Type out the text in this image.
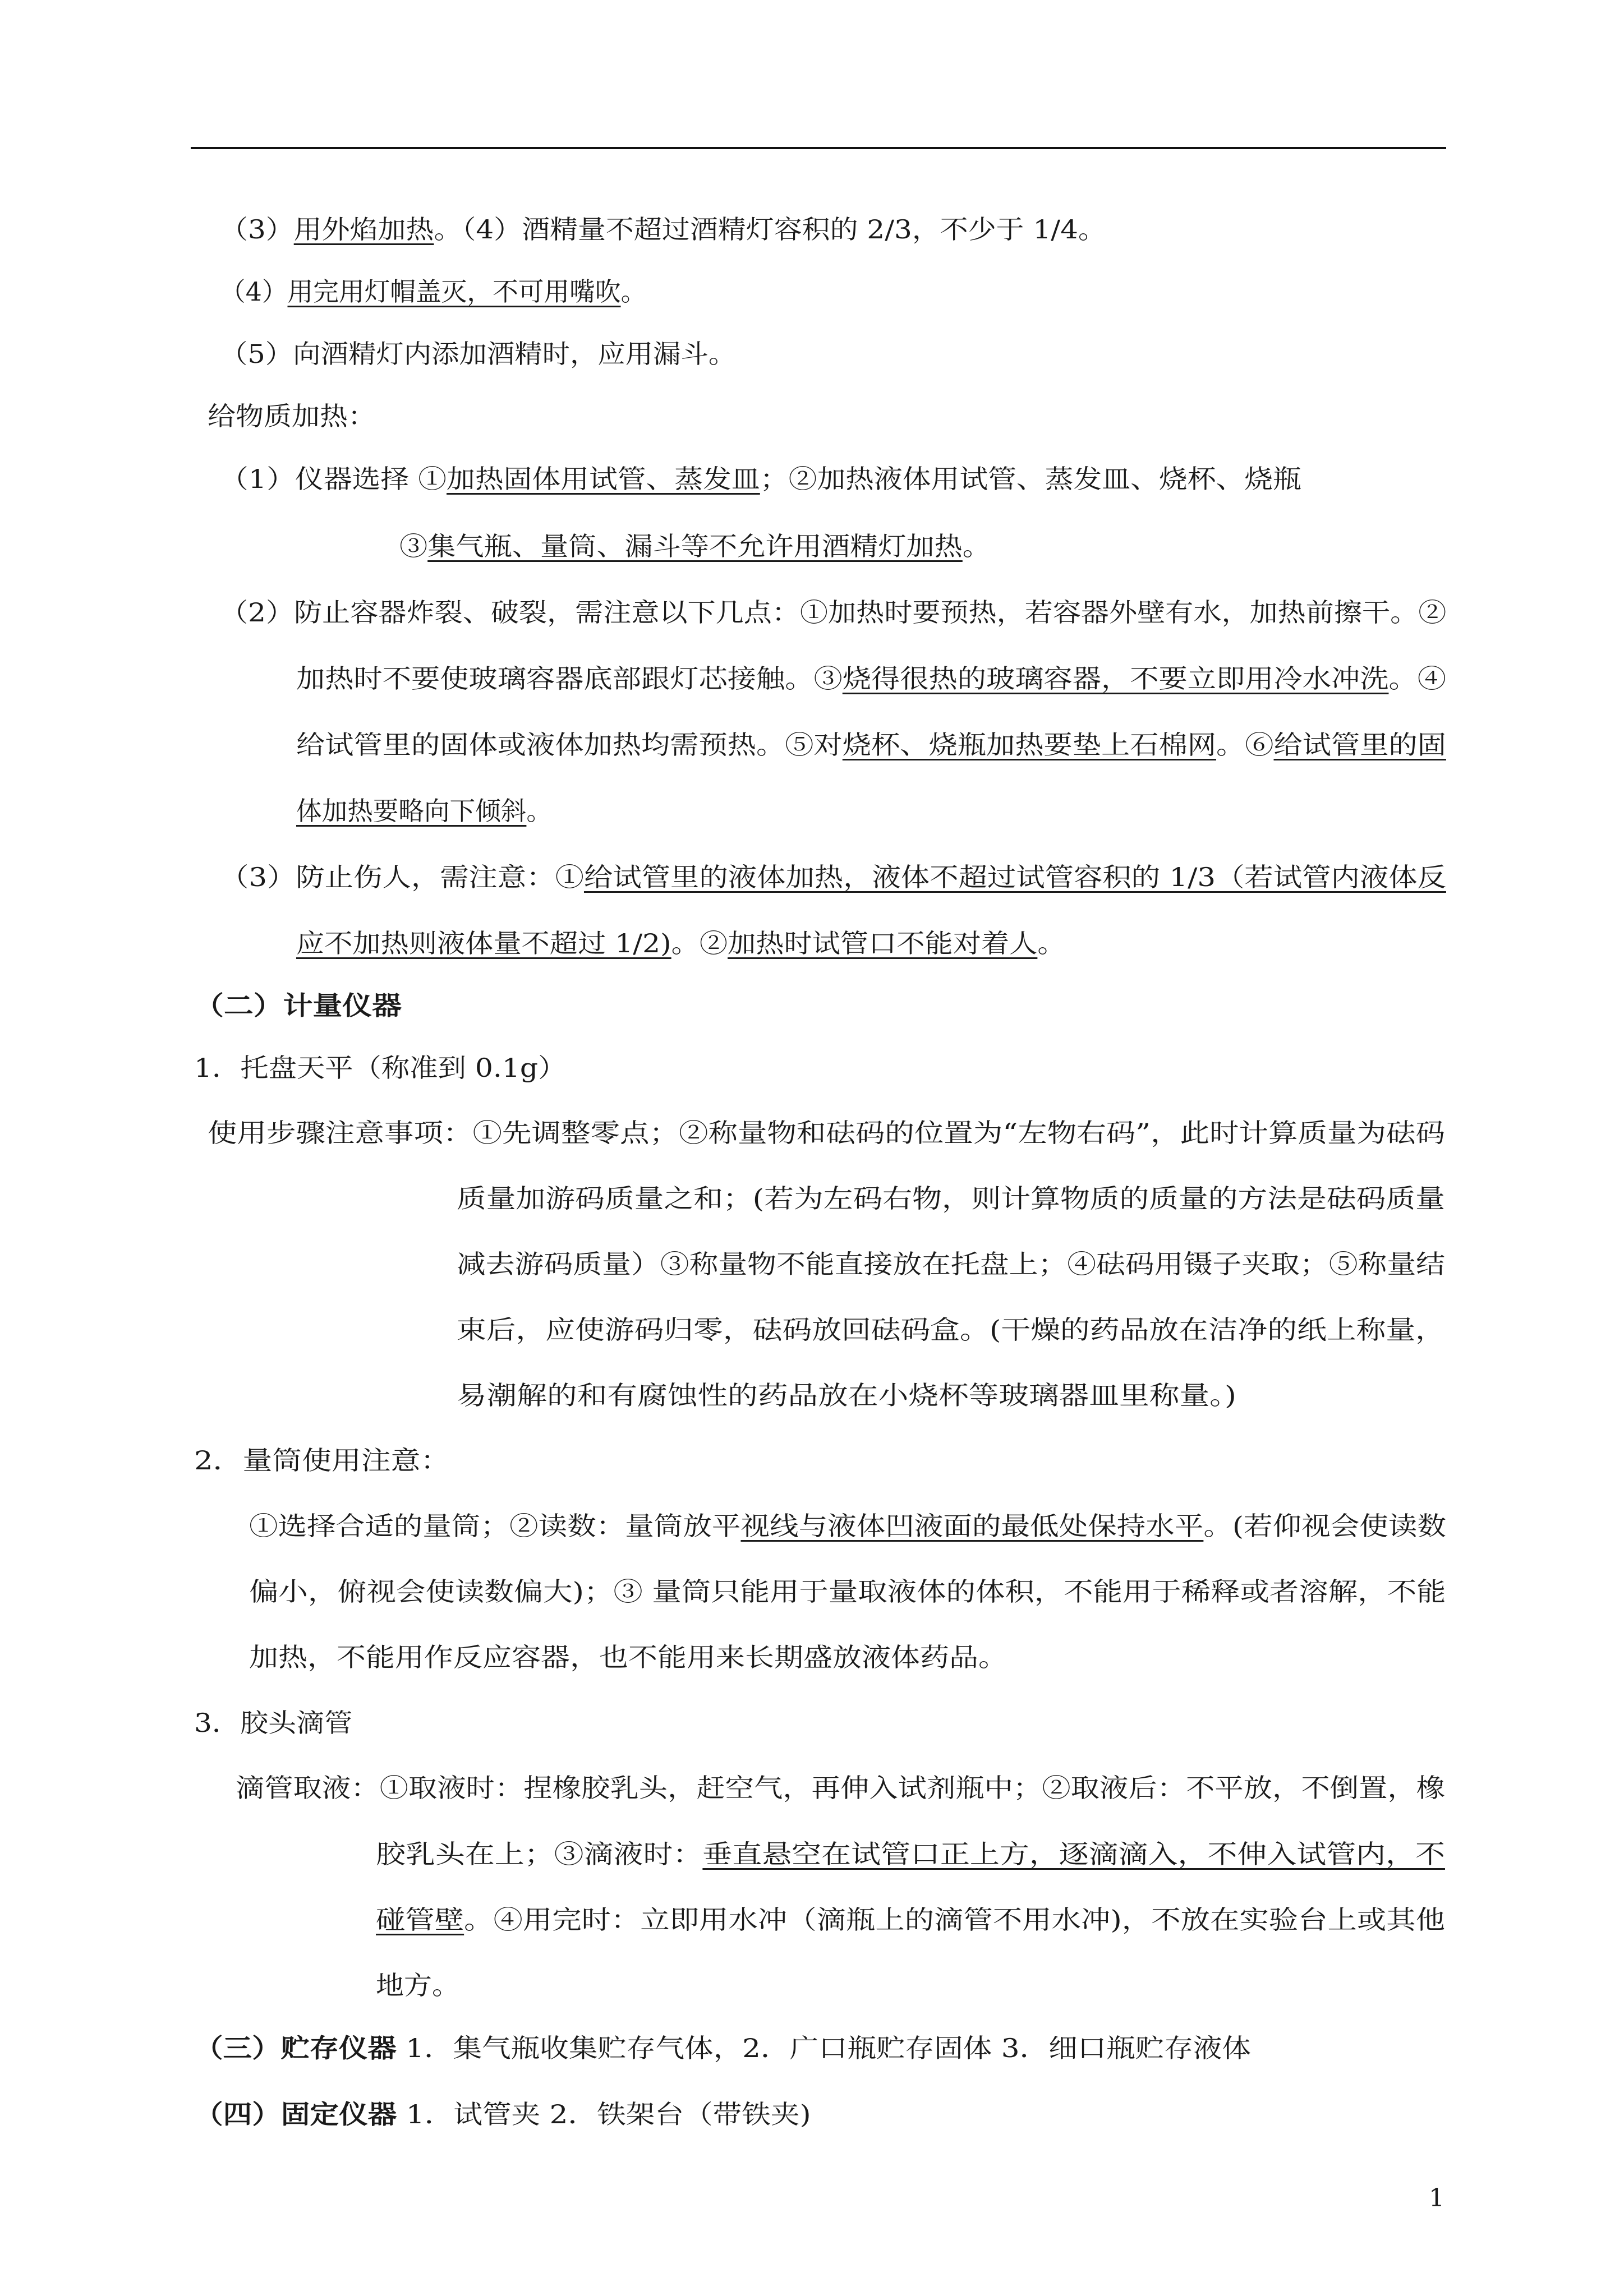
（3）用外焰加热。（4）酒精量不超过酒精灯容积的 2/3，不少于 1/4。
（4）用完用灯帽盖灭，不可用嘴吹。
（5）向酒精灯内添加酒精时，应用漏斗。
给物质加热：
（1）仪器选择 ①加热固体用试管、蒸发皿；②加热液体用试管、蒸发皿、烧杯、烧瓶
③集气瓶、量筒、漏斗等不允许用酒精灯加热。
（2）防止容器炸裂、破裂，需注意以下几点：①加热时要预热，若容器外壁有水，加热前擦干。②
加热时不要使玻璃容器底部跟灯芯接触。③烧得很热的玻璃容器，不要立即用冷水冲洗。④
给试管里的固体或液体加热均需预热。⑤对烧杯、烧瓶加热要垫上石棉网。⑥给试管里的固
体加热要略向下倾斜。
（3）防止伤人，需注意：①给试管里的液体加热，液体不超过试管容积的 1/3（若试管内液体反
应不加热则液体量不超过 1/2)。②加热时试管口不能对着人。
（二）计量仪器
1．托盘天平（称准到 0.1g）
使用步骤注意事项：①先调整零点；②称量物和砝码的位置为“左物右码”，此时计算质量为砝码
质量加游码质量之和；(若为左码右物，则计算物质的质量的方法是砝码质量
减去游码质量）③称量物不能直接放在托盘上；④砝码用镊子夹取；⑤称量结
束后，应使游码归零，砝码放回砝码盒。(干燥的药品放在洁净的纸上称量，
易潮解的和有腐蚀性的药品放在小烧杯等玻璃器皿里称量。)
2．量筒使用注意：
①选择合适的量筒；②读数：量筒放平视线与液体凹液面的最低处保持水平。(若仰视会使读数
偏小，俯视会使读数偏大)；③ 量筒只能用于量取液体的体积，不能用于稀释或者溶解，不能
加热，不能用作反应容器，也不能用来长期盛放液体药品。
3．胶头滴管
滴管取液：①取液时：捏橡胶乳头，赶空气，再伸入试剂瓶中；②取液后：不平放，不倒置，橡
胶乳头在上；③滴液时：垂直悬空在试管口正上方，逐滴滴入，不伸入试管内，不
碰管壁。④用完时：立即用水冲（滴瓶上的滴管不用水冲)，不放在实验台上或其他
地方。
（三）贮存仪器 1．集气瓶收集贮存气体，2．广口瓶贮存固体 3．细口瓶贮存液体
（四）固定仪器 1．试管夹 2．铁架台（带铁夹)
1
